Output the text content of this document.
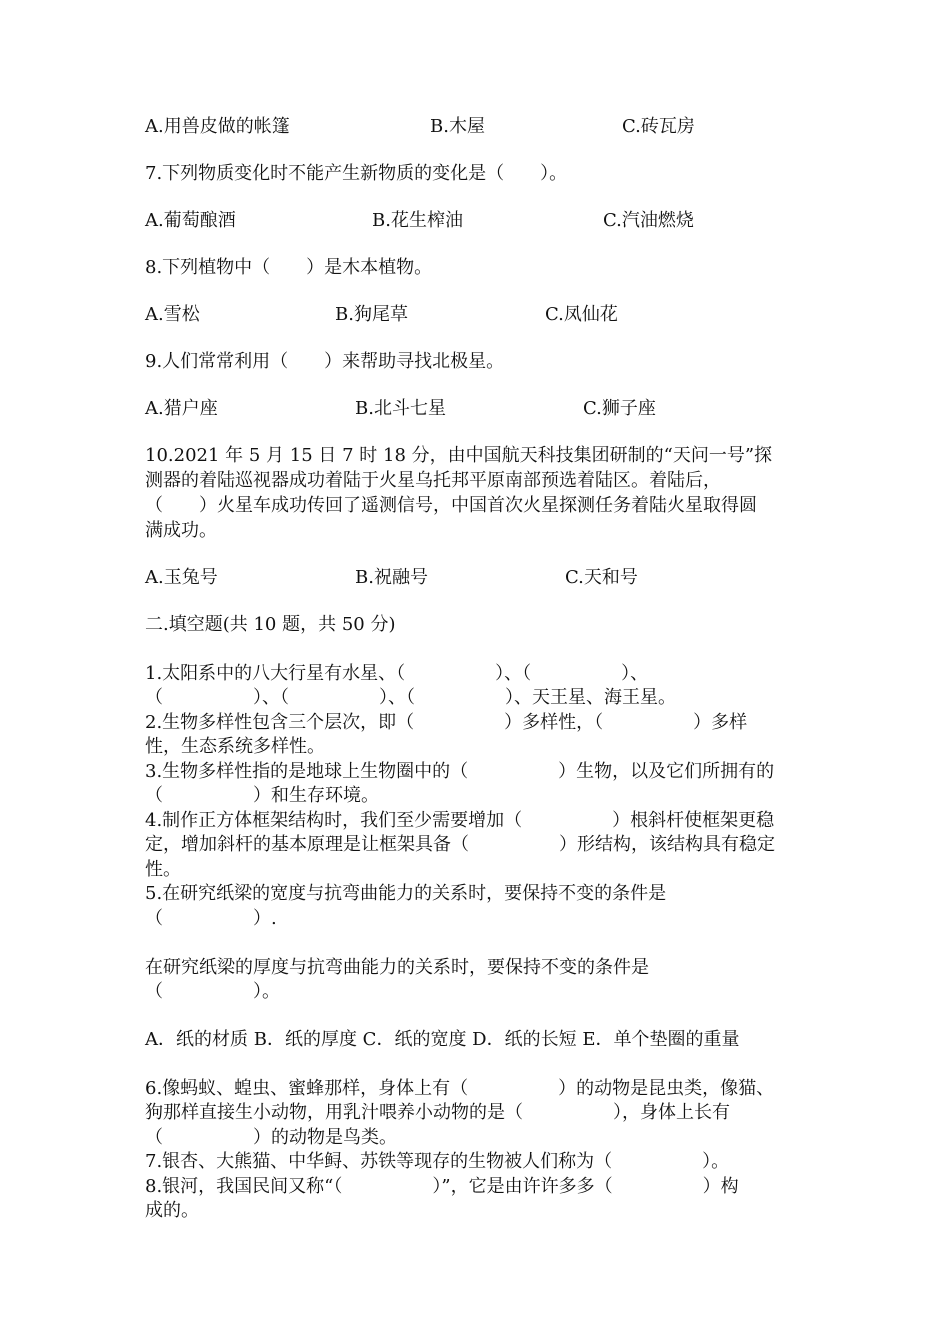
A.用兽皮做的帐篷	B.木屋	C.砖瓦房
7.下列物质变化时不能产生新物质的变化是（　　）。
A.葡萄酿酒	B.花生榨油	C.汽油燃烧
8.下列植物中（　　）是木本植物。
A.雪松	B.狗尾草	C.凤仙花
9.人们常常利用（　　）来帮助寻找北极星。
A.猎户座	B.北斗七星	C.狮子座
10.2021 年 5 月 15 日 7 时 18 分，由中国航天科技集团研制的“天问一号”探
测器的着陆巡视器成功着陆于火星乌托邦平原南部预选着陆区。着陆后，
（　　）火星车成功传回了遥测信号，中国首次火星探测任务着陆火星取得圆
满成功。
A.玉兔号	B.祝融号	C.天和号
二.填空题(共 10 题，共 50 分)
1.太阳系中的八大行星有水星、（　　　　　）、（　　　　　）、
（　　　　　）、（　　　　　）、（　　　　　）、天王星、海王星。
2.生物多样性包含三个层次，即（　　　　　）多样性，（　　　　　）多样
性，生态系统多样性。
3.生物多样性指的是地球上生物圈中的（　　　　　）生物，以及它们所拥有的
（　　　　　）和生存环境。
4.制作正方体框架结构时，我们至少需要增加（　　　　　）根斜杆使框架更稳
定，增加斜杆的基本原理是让框架具备（　　　　　）形结构，该结构具有稳定
性。
5.在研究纸梁的宽度与抗弯曲能力的关系时，要保持不变的条件是
（　　　　　）.
在研究纸梁的厚度与抗弯曲能力的关系时，要保持不变的条件是
（　　　　　）。
A．纸的材质 B．纸的厚度 C．纸的宽度 D．纸的长短 E．单个垫圈的重量
6.像蚂蚁、蝗虫、蜜蜂那样，身体上有（　　　　　）的动物是昆虫类，像猫、
狗那样直接生小动物，用乳汁喂养小动物的是（　　　　　），身体上长有
（　　　　　）的动物是鸟类。
7.银杏、大熊猫、中华鲟、苏铁等现存的生物被人们称为（　　　　　）。
8.银河，我国民间又称“（　　　　　）”，它是由许许多多（　　　　　）构
成的。
